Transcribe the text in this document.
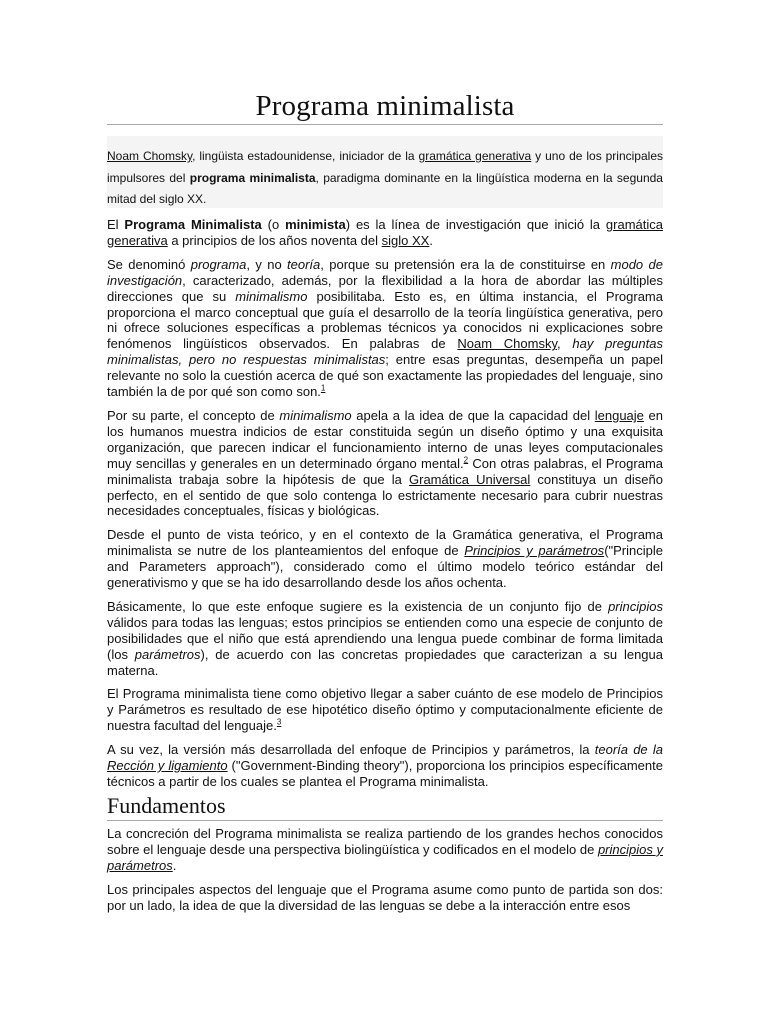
Programa minimalista

Noam Chomsky, lingüista estadounidense, iniciador de la gramática generativa y uno de los principales impulsores del programa minimalista, paradigma dominante en la lingüística moderna en la segunda mitad del siglo XX.

El Programa Minimalista (o minimista) es la línea de investigación que inició la gramática generativa a principios de los años noventa del siglo XX.

Se denominó programa, y no teoría, porque su pretensión era la de constituirse en modo de investigación, caracterizado, además, por la flexibilidad a la hora de abordar las múltiples direcciones que su minimalismo posibilitaba. Esto es, en última instancia, el Programa proporciona el marco conceptual que guía el desarrollo de la teoría lingüística generativa, pero ni ofrece soluciones específicas a problemas técnicos ya conocidos ni explicaciones sobre fenómenos lingüísticos observados. En palabras de Noam Chomsky, hay preguntas minimalistas, pero no respuestas minimalistas; entre esas preguntas, desempeña un papel relevante no solo la cuestión acerca de qué son exactamente las propiedades del lenguaje, sino también la de por qué son como son.$^1$

Por su parte, el concepto de minimalismo apela a la idea de que la capacidad del lenguaje en los humanos muestra indicios de estar constituida según un diseño óptimo y una exquisita organización, que parecen indicar el funcionamiento interno de unas leyes computacionales muy sencillas y generales en un determinado órgano mental.$^2$ Con otras palabras, el Programa minimalista trabaja sobre la hipótesis de que la Gramática Universal constituya un diseño perfecto, en el sentido de que solo contenga lo estrictamente necesario para cubrir nuestras necesidades conceptuales, físicas y biológicas.

Desde el punto de vista teórico, y en el contexto de la Gramática generativa, el Programa minimalista se nutre de los planteamientos del enfoque de Principios y parámetros("Principle and Parameters approach"), considerado como el último modelo teórico estándar del generativismo y que se ha ido desarrollando desde los años ochenta.

Básicamente, lo que este enfoque sugiere es la existencia de un conjunto fijo de principios válidos para todas las lenguas; estos principios se entienden como una especie de conjunto de posibilidades que el niño que está aprendiendo una lengua puede combinar de forma limitada (los parámetros), de acuerdo con las concretas propiedades que caracterizan a su lengua materna.

El Programa minimalista tiene como objetivo llegar a saber cuánto de ese modelo de Principios y Parámetros es resultado de ese hipotético diseño óptimo y computacionalmente eficiente de nuestra facultad del lenguaje.$^3$

A su vez, la versión más desarrollada del enfoque de Principios y parámetros, la teoría de la Rección y ligamiento ("Government-Binding theory"), proporciona los principios específicamente técnicos a partir de los cuales se plantea el Programa minimalista.

Fundamentos

La concreción del Programa minimalista se realiza partiendo de los grandes hechos conocidos sobre el lenguaje desde una perspectiva biolingüística y codificados en el modelo de principios y parámetros.

Los principales aspectos del lenguaje que el Programa asume como punto de partida son dos: por un lado, la idea de que la diversidad de las lenguas se debe a la interacción entre esos
